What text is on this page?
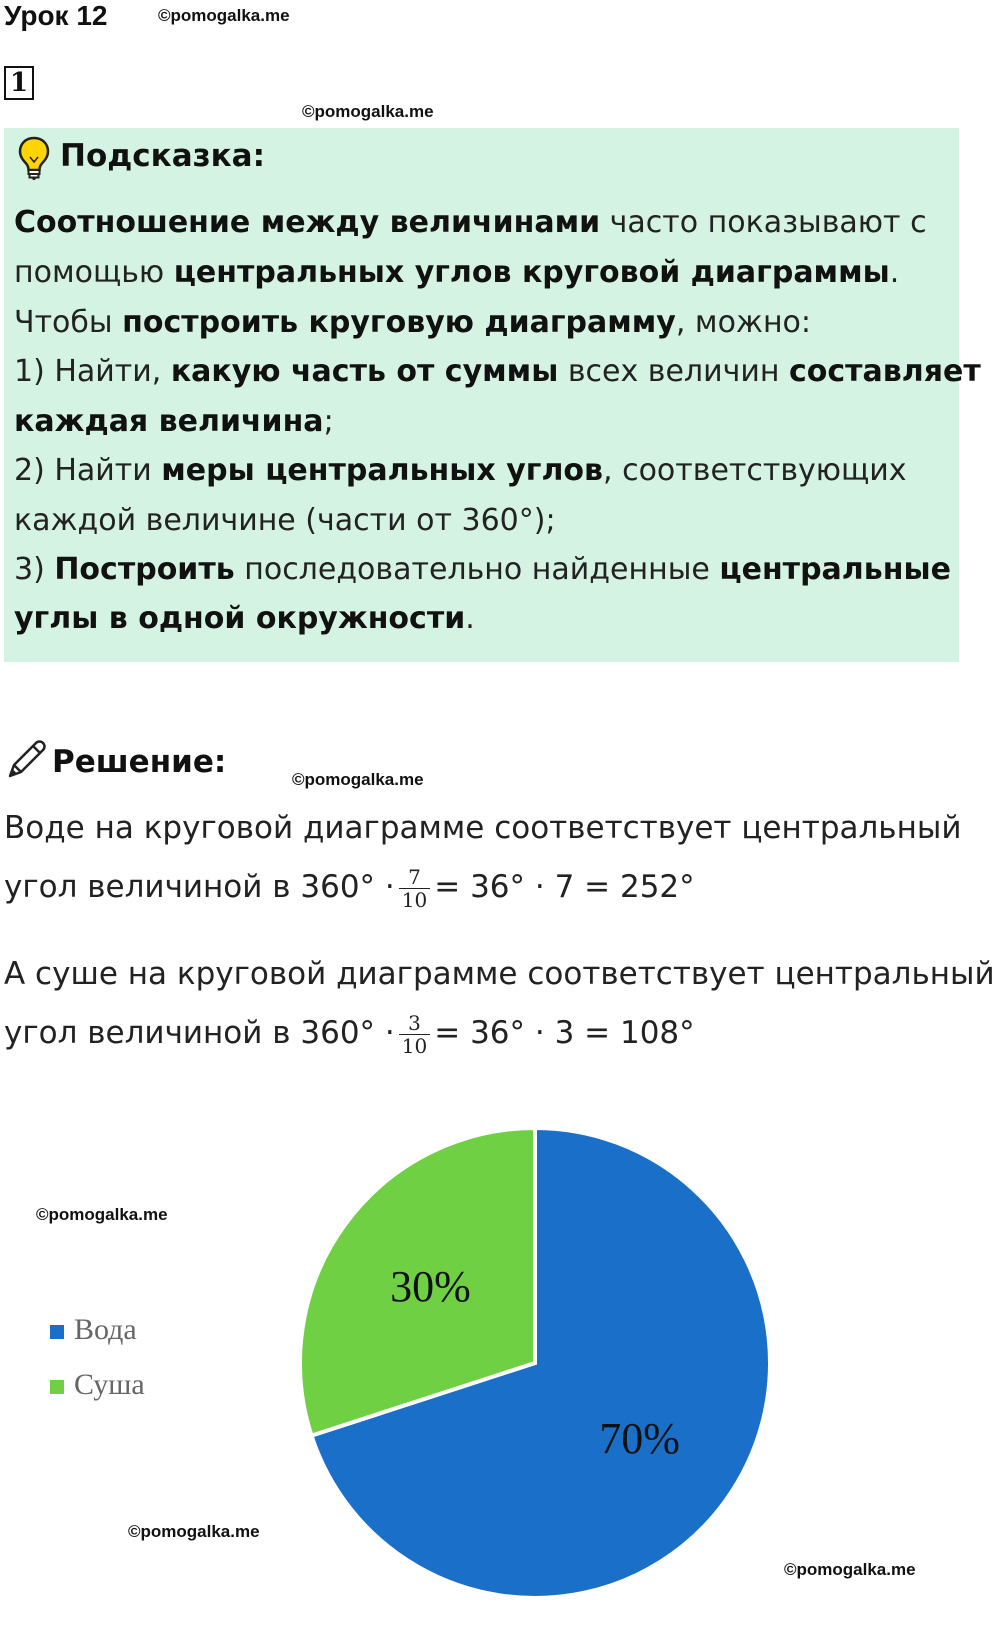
Урок 12	©pomogalka.me
1
©pomogalka.me
Подсказка:
Соотношение между величинами часто показывают с
помощью центральных углов круговой диаграммы.
Чтобы построить круговую диаграмму, можно:
1) Найти, какую часть от суммы всех величин составляет
каждая величина;
2) Найти меры центральных углов, соответствующих
каждой величине (части от 360°);
3) Построить последовательно найденные центральные
углы в одной окружности.
Решение:	©pomogalka.me
Воде на круговой диаграмме соответствует центральный
угол величиной в $360^\circ \cdot \frac{7}{10} = 36^\circ \cdot 7 = 252^\circ$
А суше на круговой диаграмме соответствует центральный
угол величиной в $360^\circ \cdot \frac{3}{10} = 36^\circ \cdot 3 = 108^\circ$
©pomogalka.me
©pomogalka.me
©pomogalka.me
Вода
Суша
70%
30%
